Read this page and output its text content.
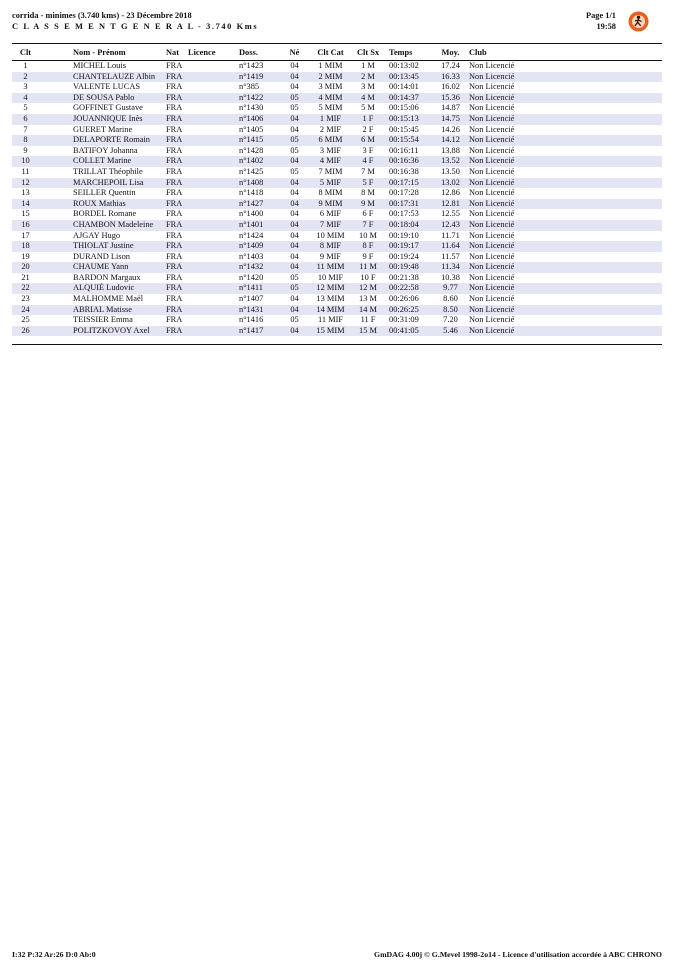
corrida - minimes (3.740 kms) - 23 Décembre 2018
C L A S S E M E N T G E N E R A L - 3.740 Kms
Page 1/1
19:58
Clt	Nom - Prénom	Nat	Licence	Doss.	Né	Clt Cat	Clt Sx	Temps	Moy.	Club
1	MICHEL Louis	FRA		n°1423	04	1 MIM	1 M	00:13:02	17.24	Non Licencié
2	CHANTELAUZE Albin	FRA		n°1419	04	2 MIM	2 M	00:13:45	16.33	Non Licencié
3	VALENTE LUCAS	FRA		n°385	04	3 MIM	3 M	00:14:01	16.02	Non Licencié
4	DE SOUSA Pablo	FRA		n°1422	05	4 MIM	4 M	00:14:37	15.36	Non Licencié
5	GOFFINET Gustave	FRA		n°1430	05	5 MIM	5 M	00:15:06	14.87	Non Licencié
6	JOUANNIQUE Inès	FRA		n°1406	04	1 MIF	1 F	00:15:13	14.75	Non Licencié
7	GUERET Marine	FRA		n°1405	04	2 MIF	2 F	00:15:45	14.26	Non Licencié
8	DELAPORTE Romain	FRA		n°1415	05	6 MIM	6 M	00:15:54	14.12	Non Licencié
9	BATIFOY Johanna	FRA		n°1428	05	3 MIF	3 F	00:16:11	13.88	Non Licencié
10	COLLET Marine	FRA		n°1402	04	4 MIF	4 F	00:16:36	13.52	Non Licencié
11	TRILLAT Théophile	FRA		n°1425	05	7 MIM	7 M	00:16:38	13.50	Non Licencié
12	MARCHEPOIL Lisa	FRA		n°1408	04	5 MIF	5 F	00:17:15	13.02	Non Licencié
13	SEILLER Quentin	FRA		n°1418	04	8 MIM	8 M	00:17:28	12.86	Non Licencié
14	ROUX Mathias	FRA		n°1427	04	9 MIM	9 M	00:17:31	12.81	Non Licencié
15	BORDEL Romane	FRA		n°1400	04	6 MIF	6 F	00:17:53	12.55	Non Licencié
16	CHAMBON Madeleine	FRA		n°1401	04	7 MIF	7 F	00:18:04	12.43	Non Licencié
17	AJGAY Hugo	FRA		n°1424	04	10 MIM	10 M	00:19:10	11.71	Non Licencié
18	THIOLAT Justine	FRA		n°1409	04	8 MIF	8 F	00:19:17	11.64	Non Licencié
19	DURAND Lison	FRA		n°1403	04	9 MIF	9 F	00:19:24	11.57	Non Licencié
20	CHAUME Yann	FRA		n°1432	04	11 MIM	11 M	00:19:48	11.34	Non Licencié
21	BARDON Margaux	FRA		n°1420	05	10 MIF	10 F	00:21:38	10.38	Non Licencié
22	ALQUIÉ Ludovic	FRA		n°1411	05	12 MIM	12 M	00:22:58	9.77	Non Licencié
23	MALHOMME Maël	FRA		n°1407	04	13 MIM	13 M	00:26:06	8.60	Non Licencié
24	ABRIAL Matisse	FRA		n°1431	04	14 MIM	14 M	00:26:25	8.50	Non Licencié
25	TEISSIER Emma	FRA		n°1416	05	11 MIF	11 F	00:31:09	7.20	Non Licencié
26	POLITZKOVOY Axel	FRA		n°1417	04	15 MIM	15 M	00:41:05	5.46	Non Licencié
I:32 P:32 Ar:26 D:0 Ab:0	GmDAG 4.00j © G.Mevel 1998-2o14 - Licence d'utilisation accordée à ABC CHRONO
